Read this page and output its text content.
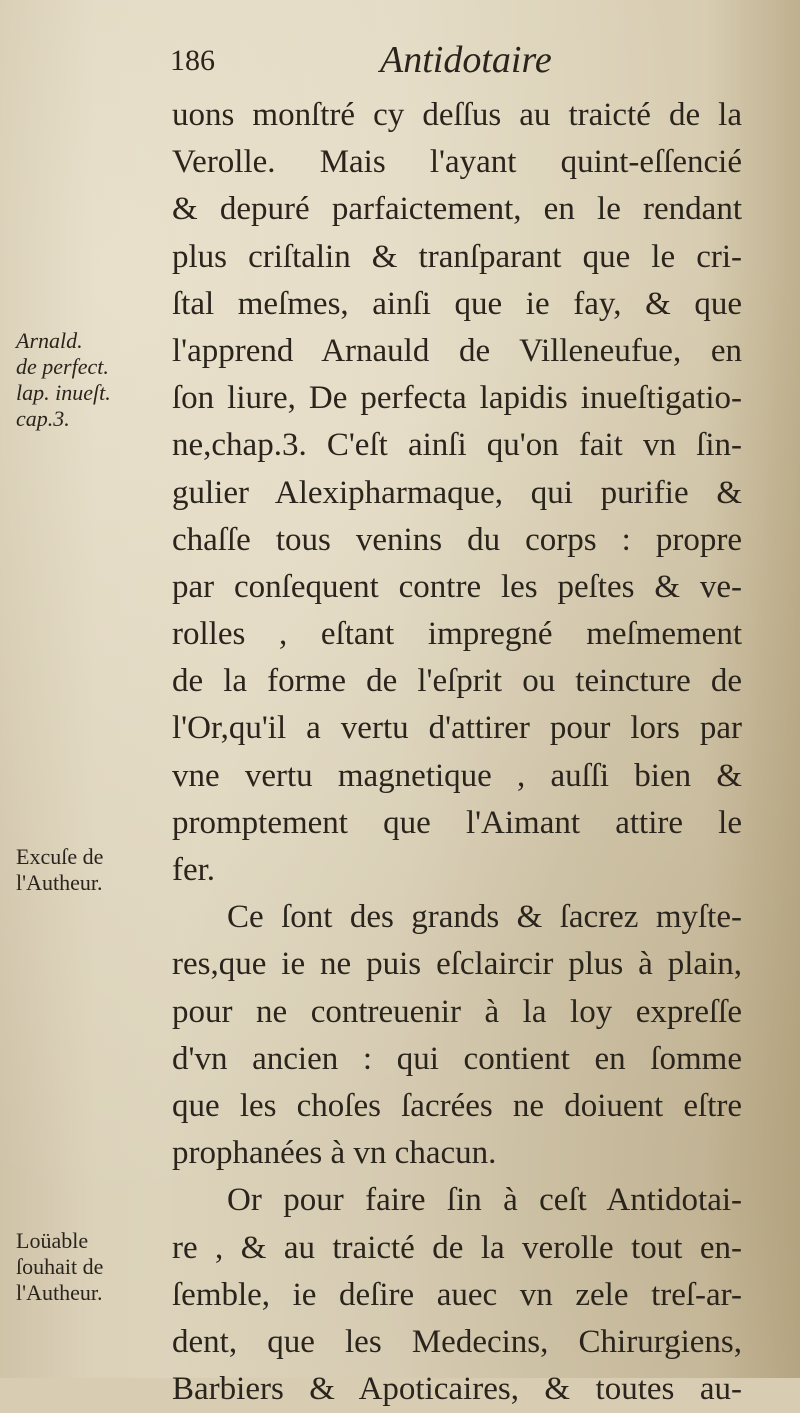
186	Antidotaire
Arnald.
de perfect.
lap. inueſt.
cap.3.
Excuſe de
l'Autheur.
Loüable
ſouhait de
l'Autheur.
uons monſtré cy deſſus au traicté de la
Verolle. Mais l'ayant quint-eſſencié
& depuré parfaictement, en le rendant
plus criſtalin & tranſparant que le cri-
ſtal meſmes, ainſi que ie fay, & que
l'apprend Arnauld de Villeneufue, en
ſon liure, De perfecta lapidis inueſtigatio-
ne,chap.3. C'eſt ainſi qu'on fait vn ſin-
gulier Alexipharmaque, qui purifie &
chaſſe tous venins du corps : propre
par conſequent contre les peſtes & ve-
rolles , eſtant impregné meſmement
de la forme de l'eſprit ou teincture de
l'Or,qu'il a vertu d'attirer pour lors par
vne vertu magnetique , auſſi bien &
promptement que l'Aimant attire le
fer.
Ce ſont des grands & ſacrez myſte-
res,que ie ne puis eſclaircir plus à plain,
pour ne contreuenir à la loy expreſſe
d'vn ancien : qui contient en ſomme
que les choſes ſacrées ne doiuent eſtre
prophanées à vn chacun.
Or pour faire ſin à ceſt Antidotai-
re , & au traicté de la verolle tout en-
ſemble, ie deſire auec vn zele treſ-ar-
dent, que les Medecins, Chirurgiens,
Barbiers & Apoticaires, & toutes au-
